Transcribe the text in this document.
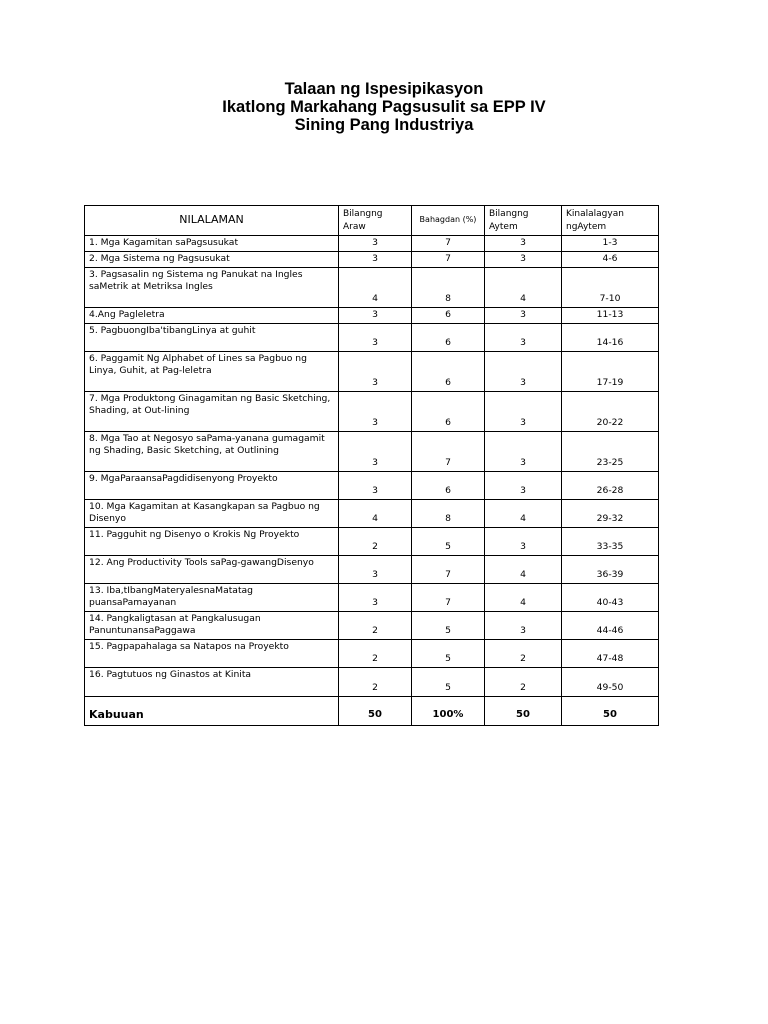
Talaan ng Ispesipikasyon
Ikatlong Markahang Pagsusulit sa EPP IV
Sining Pang Industriya
NILALAMAN	Bilangng Araw	Bahagdan (%)	Bilangng Aytem	Kinalalagyan ngAytem
1. Mga Kagamitan saPagsusukat	3	7	3	1-3
2. Mga Sistema ng Pagsusukat	3	7	3	4-6
3. Pagsasalin ng Sistema ng Panukat na Ingles saMetrik at Metriksa Ingles	4	8	4	7-10
4.Ang Pagleletra	3	6	3	11-13
5. PagbuongIba'tibangLinya at guhit	3	6	3	14-16
6. Paggamit Ng Alphabet of Lines sa Pagbuo ng Linya, Guhit, at Pag-leletra	3	6	3	17-19
7. Mga Produktong Ginagamitan ng Basic Sketching, Shading, at Out-lining	3	6	3	20-22
8. Mga Tao at Negosyo saPama-yanana gumagamit ng Shading, Basic Sketching, at Outlining	3	7	3	23-25
9. MgaParaansaPagdidisenyong Proyekto	3	6	3	26-28
10. Mga Kagamitan at Kasangkapan sa Pagbuo ng Disenyo	4	8	4	29-32
11. Pagguhit ng Disenyo o Krokis Ng Proyekto	2	5	3	33-35
12. Ang Productivity Tools saPag-gawangDisenyo	3	7	4	36-39
13. Iba,tIbangMateryalesnaMatatag puansaPamayanan	3	7	4	40-43
14. Pangkaligtasan at Pangkalusugan PanuntunansaPaggawa	2	5	3	44-46
15. Pagpapahalaga sa Natapos na Proyekto	2	5	2	47-48
16. Pagtutuos ng Ginastos at Kinita	2	5	2	49-50
Kabuuan	50	100%	50	50
